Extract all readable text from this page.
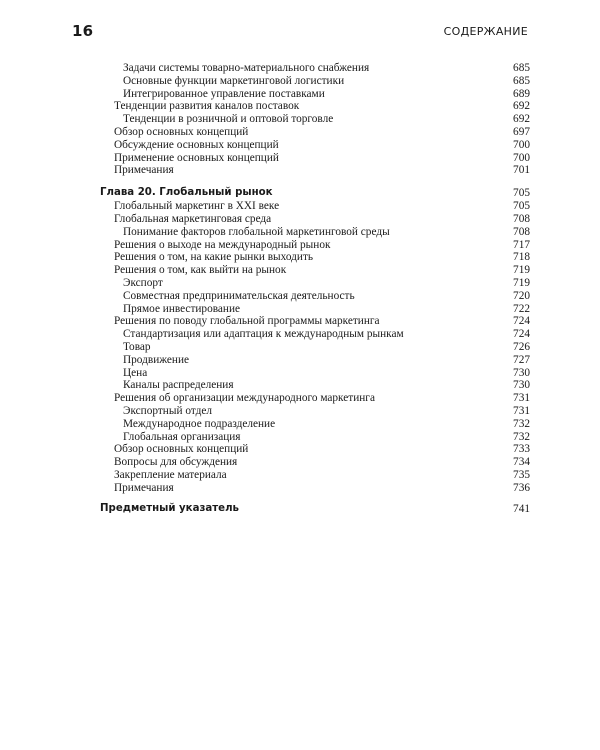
16	СОДЕРЖАНИЕ
Задачи системы товарно-материального снабжения	685
Основные функции маркетинговой логистики	685
Интегрированное управление поставками	689
Тенденции развития каналов поставок	692
Тенденции в розничной и оптовой торговле	692
Обзор основных концепций	697
Обсуждение основных концепций	700
Применение основных концепций	700
Примечания	701
Глава 20. Глобальный рынок	705
Глобальный маркетинг в XXI веке	705
Глобальная маркетинговая среда	708
Понимание факторов глобальной маркетинговой среды	708
Решения о выходе на международный рынок	717
Решения о том, на какие рынки выходить	718
Решения о том, как выйти на рынок	719
Экспорт	719
Совместная предпринимательская деятельность	720
Прямое инвестирование	722
Решения по поводу глобальной программы маркетинга	724
Стандартизация или адаптация к международным рынкам	724
Товар	726
Продвижение	727
Цена	730
Каналы распределения	730
Решения об организации международного маркетинга	731
Экспортный отдел	731
Международное подразделение	732
Глобальная организация	732
Обзор основных концепций	733
Вопросы для обсуждения	734
Закрепление материала	735
Примечания	736
Предметный указатель	741
